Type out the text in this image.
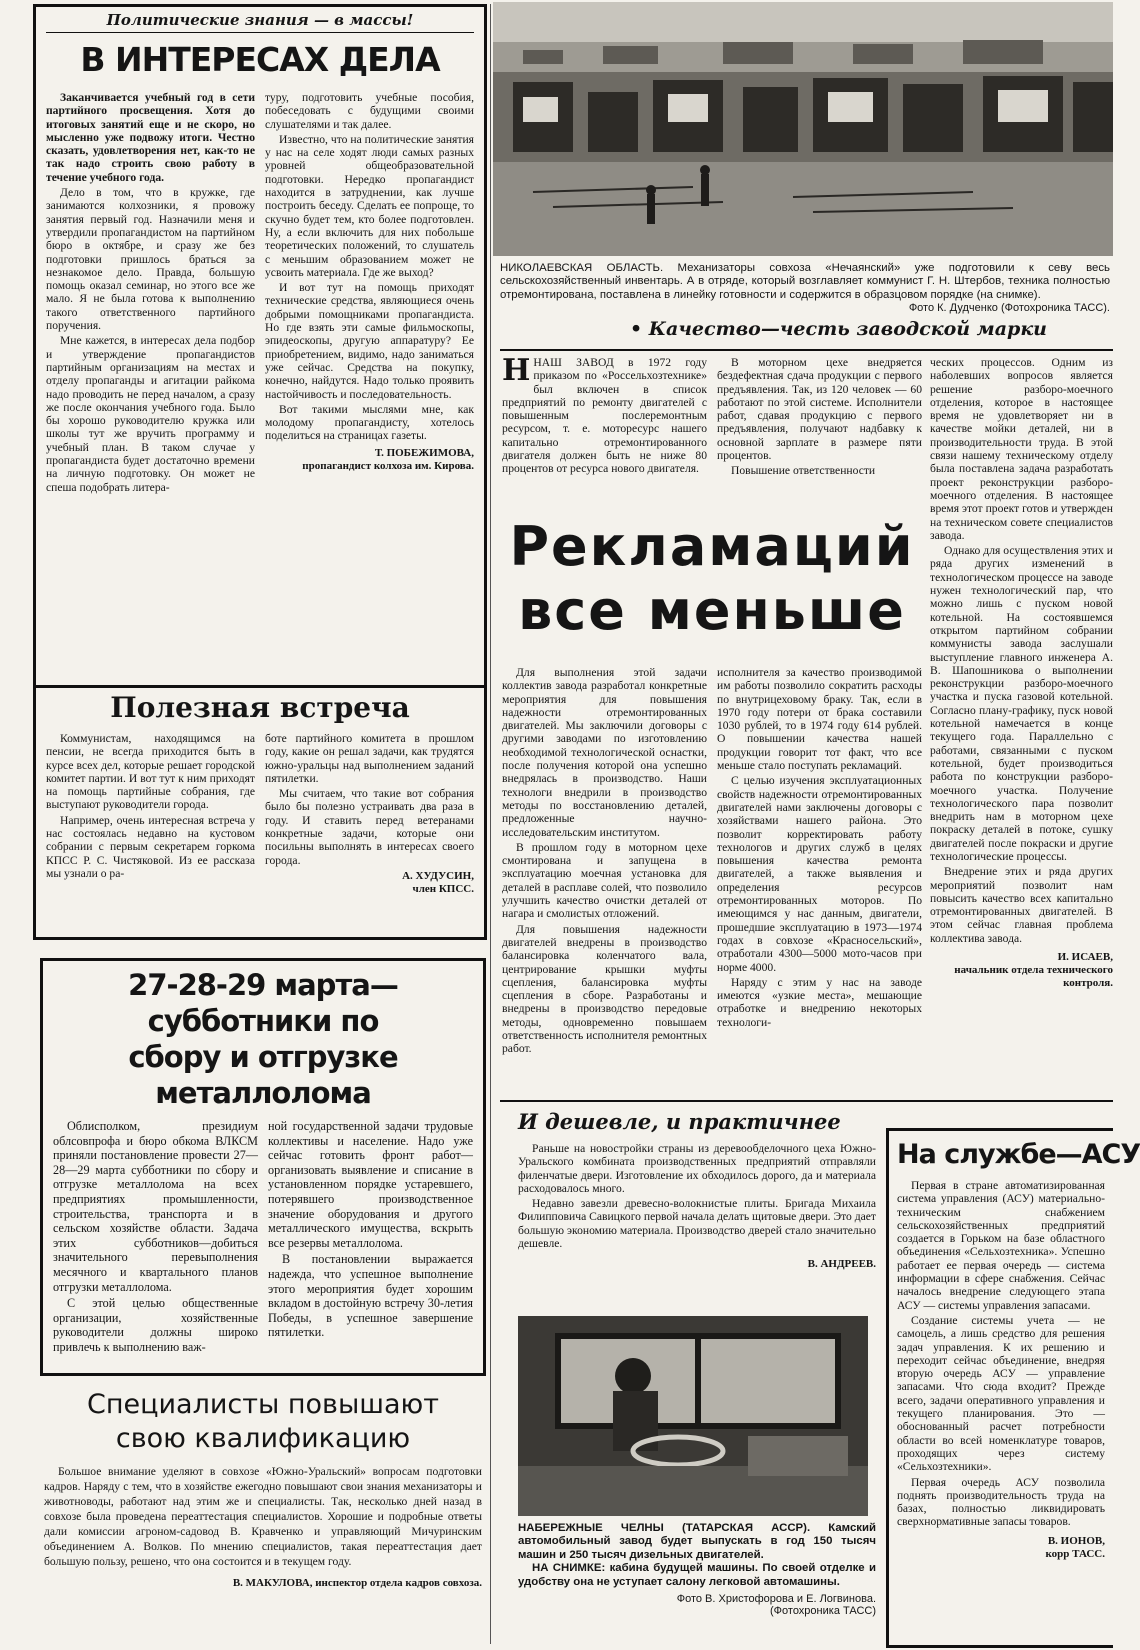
Политические знания — в массы!
В ИНТЕРЕСАХ ДЕЛА

Заканчивается учебный год в сети партийного просвещения. Хотя до итоговых занятий еще и не скоро, но мысленно уже подвожу итоги. Честно сказать, удовлетворения нет, как-то не так надо строить свою работу в течение учебного года.

Дело в том, что в кружке, где занимаются колхозники, я провожу занятия первый год. Назначили меня и утвердили пропагандистом на партийном бюро в октябре, и сразу же без подготовки пришлось браться за незнакомое дело. Правда, большую помощь оказал семинар, но этого все же мало. Я не была готова к выполнению такого ответственного партийного поручения.

Мне кажется, в интересах дела подбор и утверждение пропагандистов партийным организациям на местах и отделу пропаганды и агитации райкома надо проводить не перед началом, а сразу же после окончания учебного года. Было бы хорошо руководителю кружка или школы тут же вручить программу и учебный план. В таком случае у пропагандиста будет достаточно времени на личную подготовку. Он может не спеша подобрать литера-

туру, подготовить учебные пособия, побеседовать с будущими своими слушателями и так далее.

Известно, что на политические занятия у нас на селе ходят люди самых разных уровней общеобразовательной подготовки. Нередко пропагандист находится в затруднении, как лучше построить беседу. Сделать ее попроще, то скучно будет тем, кто более подготовлен. Ну, а если включить для них побольше теоретических положений, то слушатель с меньшим образованием может не усвоить материала. Где же выход?

И вот тут на помощь приходят технические средства, являющиеся очень добрыми помощниками пропагандиста. Но где взять эти самые фильмоскопы, эпидеоскопы, другую аппаратуру? Ее приобретением, видимо, надо заниматься уже сейчас. Средства на покупку, конечно, найдутся. Надо только проявить настойчивость и последовательность.

Вот такими мыслями мне, как молодому пропагандисту, хотелось поделиться на страницах газеты.

Т. ПОБЕЖИМОВА,
пропагандист колхоза им. Кирова.
Полезная встреча

Коммунистам, находящимся на пенсии, не всегда приходится быть в курсе всех дел, которые решает городской комитет партии. И вот тут к ним приходят на помощь партийные собрания, где выступают руководители города.

Например, очень интересная встреча у нас состоялась недавно на кустовом собрании с первым секретарем горкома КПСС Р. С. Чистяковой. Из ее рассказа мы узнали о ра-

боте партийного комитета в прошлом году, какие он решал задачи, как трудятся южно-уральцы над выполнением заданий пятилетки.

Мы считаем, что такие вот собрания было бы полезно устраивать два раза в году. И ставить перед ветеранами конкретные задачи, которые они посильны выполнять в интересах своего города.

А. ХУДУСИН,
член КПСС.
27-28-29 марта—субботники по
сбору и отгрузке металлолома

Облисполком, президиум облсовпрофа и бюро обкома ВЛКСМ приняли постановление провести 27—28—29 марта субботники по сбору и отгрузке металлолома на всех предприятиях промышленности, строительства, транспорта и в сельском хозяйстве области. Задача этих субботников—добиться значительного перевыполнения месячного и квартального планов отгрузки металлолома.

С этой целью общественные организации, хозяйственные руководители должны широко привлечь к выполнению важ-

ной государственной задачи трудовые коллективы и население. Надо уже сейчас готовить фронт работ—организовать выявление и списание в установленном порядке устаревшего, потерявшего производственное значение оборудования и другого металлического имущества, вскрыть все резервы металлолома.

В постановлении выражается надежда, что успешное выполнение этого мероприятия будет хорошим вкладом в достойную встречу 30-летия Победы, в успешное завершение пятилетки.

Специалисты повышают
свою квалификацию

Большое внимание уделяют в совхозе «Южно-Уральский» вопросам подготовки кадров. Наряду с тем, что в хозяйстве ежегодно повышают свои знания механизаторы и животноводы, работают над этим же и специалисты. Так, несколько дней назад в совхозе была проведена переаттестация специалистов. Хорошие и подробные ответы дали комиссии агроном-садовод В. Кравченко и управляющий Мичуринским объединением А. Волков. По мнению специалистов, такая переаттестация дает большую пользу, решено, что она состоится и в текущем году.

В. МАКУЛОВА, инспектор отдела кадров совхоза.

НИКОЛАЕВСКАЯ ОБЛАСТЬ. Механизаторы совхоза «Нечаянский» уже подготовили к севу весь сельскохозяйственный инвентарь. А в отряде, который возглавляет коммунист Г. Н. Штербов, техника полностью отремонтирована, поставлена в линейку готовности и содержится в образцовом порядке (на снимке).

Фото К. Дудченко (Фотохроника ТАСС).
• Качество—честь заводской марки

ННАШ ЗАВОД в 1972 году приказом по «Россельхозтехнике» был включен в список предприятий по ремонту двигателей с повышенным послеремонтным ресурсом, т. е. моторесурс нашего капитально отремонтированного двигателя должен быть не ниже 80 процентов от ресурса нового двигателя.

В моторном цехе внедряется бездефектная сдача продукции с первого предъявления. Так, из 120 человек — 60 работают по этой системе. Исполнители работ, сдавая продукцию с первого предъявления, получают надбавку к основной зарплате в размере пяти процентов.

Повышение ответственности

Рекламаций
все меньше

ческих процессов. Одним из наболевших вопросов является решение разборо-моечного отделения, которое в настоящее время не удовлетворяет ни в качестве мойки деталей, ни в производительности труда. В этой связи нашему техническому отделу была поставлена задача разработать проект реконструкции разборо-моечного отделения. В настоящее время этот проект готов и утвержден на техническом совете специалистов завода.

Однако для осуществления этих и ряда других изменений в технологическом процессе на заводе нужен технологический пар, что можно лишь с пуском новой котельной. На состоявшемся открытом партийном собрании коммунисты завода заслушали выступление главного инженера А. В. Шапошникова о выполнении реконструкции разборо-моечного участка и пуска газовой котельной. Согласно плану-графику, пуск новой котельной намечается в конце текущего года. Параллельно с работами, связанными с пуском котельной, будет производиться работа по конструкции разборо-моечного участка. Получение технологического пара позволит внедрить нам в моторном цехе покраску деталей в потоке, сушку двигателей после покраски и другие технологические процессы.

Внедрение этих и ряда других мероприятий позволит нам повысить качество всех капитально отремонтированных двигателей. В этом сейчас главная проблема коллектива завода.

И. ИСАЕВ,
начальник отдела технического контроля.

Для выполнения этой задачи коллектив завода разработал конкретные мероприятия для повышения надежности отремонтированных двигателей. Мы заключили договоры с другими заводами по изготовлению необходимой технологической оснастки, после получения которой она успешно внедрялась в производство. Наши технологи внедрили в производство методы по восстановлению деталей, предложенные научно-исследовательским институтом.

В прошлом году в моторном цехе смонтирована и запущена в эксплуатацию моечная установка для деталей в расплаве солей, что позволило улучшить качество очистки деталей от нагара и смолистых отложений.

Для повышения надежности двигателей внедрены в производство балансировка коленчатого вала, центрирование крышки муфты сцепления, балансировка муфты сцепления в сборе. Разработаны и внедрены в производство передовые методы, одновременно повышаем ответственность исполнителя ремонтных работ.

исполнителя за качество производимой им работы позволило сократить расходы по внутрицеховому браку. Так, если в 1970 году потери от брака составили 1030 рублей, то в 1974 году 614 рублей. О повышении качества нашей продукции говорит тот факт, что все меньше стало поступать рекламаций.

С целью изучения эксплуатационных свойств надежности отремонтированных двигателей нами заключены договоры с хозяйствами нашего района. Это позволит корректировать работу технологов и других служб в целях повышения качества ремонта двигателей, а также выявления и определения ресурсов отремонтированных моторов. По имеющимся у нас данным, двигатели, прошедшие эксплуатацию в 1973—1974 годах в совхозе «Красносельский», отработали 4300—5000 мото-часов при норме 4000.

Наряду с этим у нас на заводе имеются «узкие места», мешающие отработке и внедрению некоторых технологи-

И дешевле, и практичнее

Раньше на новостройки страны из деревообделочного цеха Южно-Уральского комбината производственных предприятий отправляли филенчатые двери. Изготовление их обходилось дорого, да и материала расходовалось много.

Недавно завезли древесно-волокнистые плиты. Бригада Михаила Филипповича Савицкого первой начала делать щитовые двери. Это дает большую экономию материала. Производство дверей стало значительно дешевле.

В. АНДРЕЕВ.

НАБЕРЕЖНЫЕ ЧЕЛНЫ (ТАТАРСКАЯ АССР). Камский автомобильный завод будет выпускать в год 150 тысяч машин и 250 тысяч дизельных двигателей.

НА СНИМКЕ: кабина будущей машины. По своей отделке и удобству она не уступает салону легковой автомашины.

Фото В. Христофорова и Е. Логвинова.
(Фотохроника ТАСС)
На службе—АСУ

Первая в стране автоматизированная система управления (АСУ) материально-техническим снабжением сельскохозяйственных предприятий создается в Горьком на базе областного объединения «Сельхозтехника». Успешно работает ее первая очередь — система информации в сфере снабжения. Сейчас началось внедрение следующего этапа АСУ — системы управления запасами.

Создание системы учета — не самоцель, а лишь средство для решения задач управления. К их решению и переходит сейчас объединение, внедряя вторую очередь АСУ — управление запасами. Что сюда входит? Прежде всего, задачи оперативного управления и текущего планирования. Это — обоснованный расчет потребности области во всей номенклатуре товаров, проходящих через систему «Сельхозтехники».

Первая очередь АСУ позволила поднять производительность труда на базах, полностью ликвидировать сверхнормативные запасы товаров.

В. ИОНОВ,
корр ТАСС.
